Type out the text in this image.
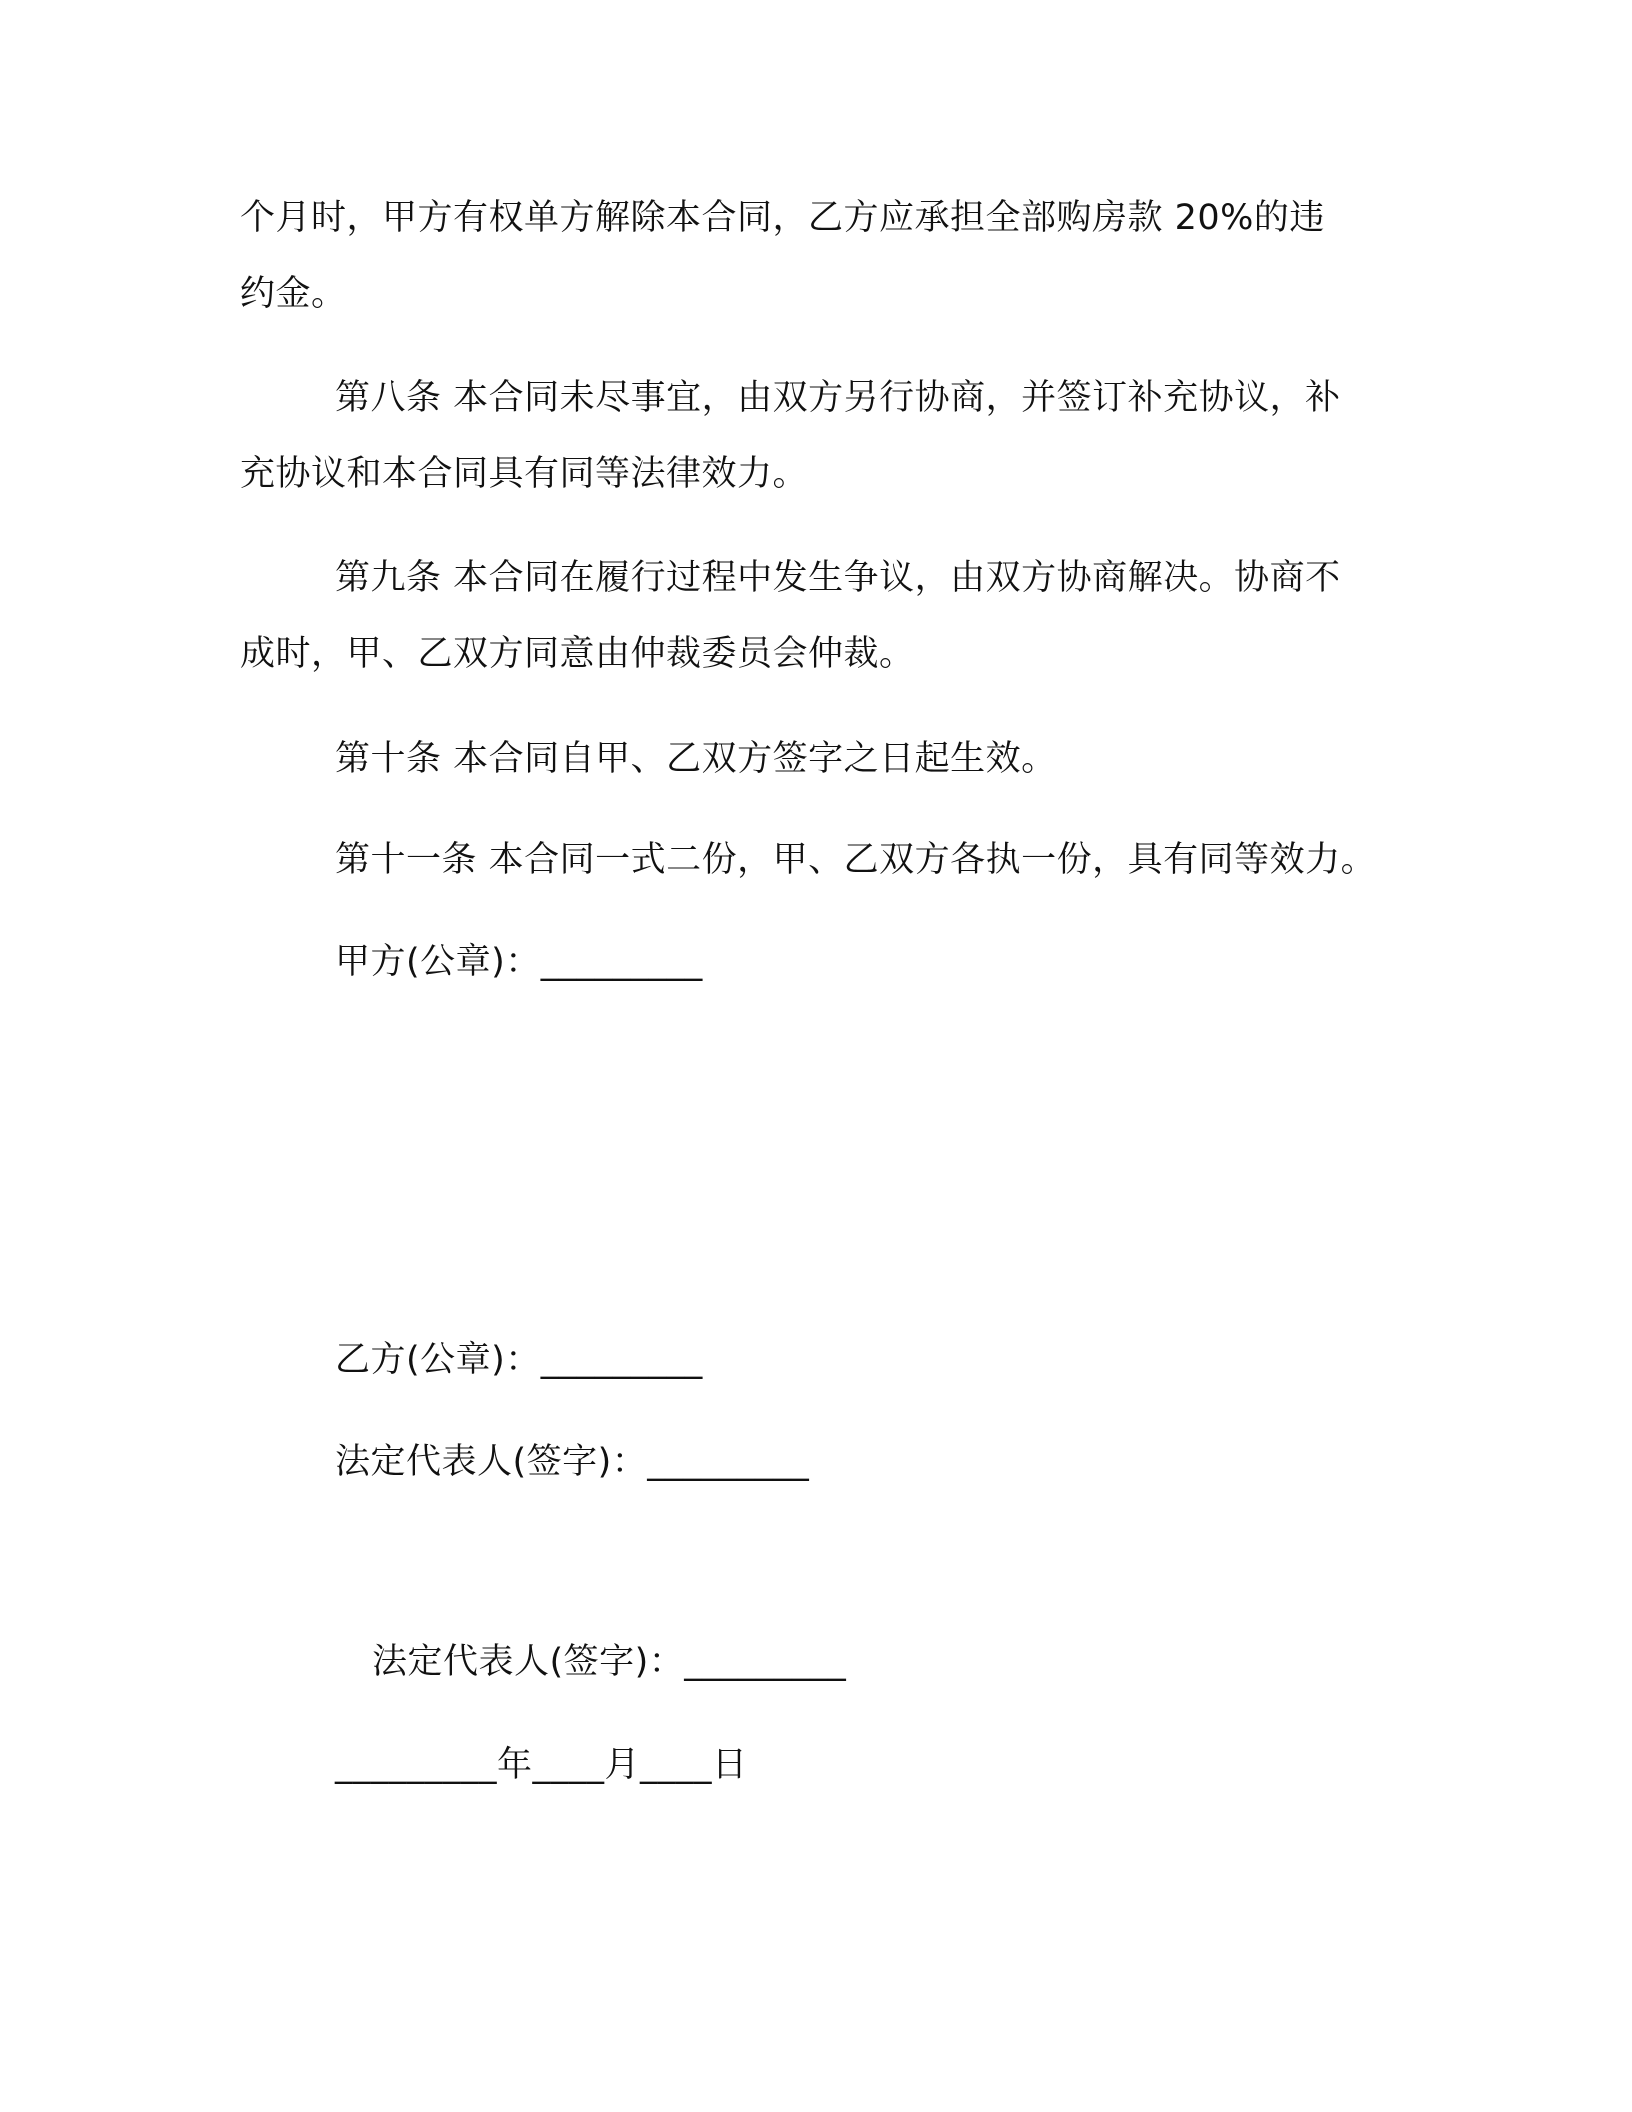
个月时，甲方有权单方解除本合同，乙方应承担全部购房款 20%的违
约金。
第八条 本合同未尽事宜，由双方另行协商，并签订补充协议，补
充协议和本合同具有同等法律效力。
第九条 本合同在履行过程中发生争议，由双方协商解决。协商不
成时，甲、乙双方同意由仲裁委员会仲裁。
第十条 本合同自甲、乙双方签字之日起生效。
第十一条 本合同一式二份，甲、乙双方各执一份，具有同等效力。
甲方(公章)：_________
乙方(公章)：_________
法定代表人(签字)：_________
法定代表人(签字)：_________
_________年____月____日
